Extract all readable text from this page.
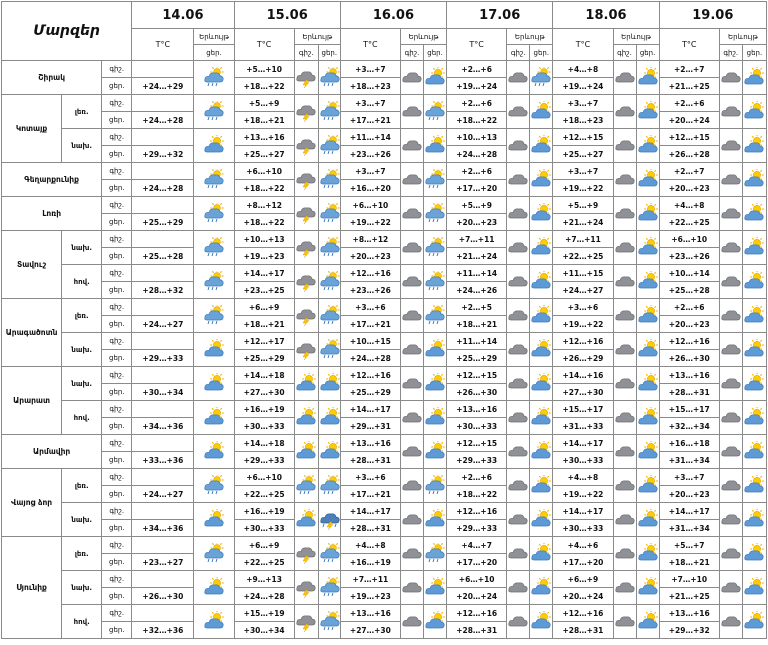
Մարզեր			14.06		15.06			16.06			17.06			18.06			19.06		
			T°C	Երևույթ	T°C	Երևույթ		T°C	Երևույթ		T°C	Երևույթ		T°C	Երևույթ		T°C	Երևույթ	
				ցեր.		գիշ.	ցեր.		գիշ.	ցեր.		գիշ.	ցեր.		գիշ.	ցեր.		գիշ.	ցեր.
Շիրակ		գիշ.			+5…+10			+3…+7			+2…+6			+4…+8			+2…+7	

		ցեր.	+24…+29		+18…+22			+18…+23			+19…+24			+19…+24			+21…+25		
Կոտայք	լեռ.	գիշ.			+5…+9			+3…+7			+2…+6			+3…+7			+2…+6	

		ցեր.	+24…+28		+18…+21			+17…+21			+18…+22			+18…+23			+20…+24		
	նախ.	գիշ.			+13…+16			+11…+14			+10…+13			+12…+15			+12…+15	

		ցեր.	+29…+32		+25…+27			+23…+26			+24…+28			+25…+27			+26…+28		
Գեղարքունիք		գիշ.			+6…+10			+3…+7			+2…+6			+3…+7			+2…+7	

		ցեր.	+24…+28		+18…+22			+16…+20			+17…+20			+19…+22			+20…+23		
Լոռի		գիշ.			+8…+12			+6…+10			+5…+9			+5…+9			+4…+8	

		ցեր.	+25…+29		+18…+22			+19…+22			+20…+23			+21…+24			+22…+25		
Տավուշ	նախ.	գիշ.			+10…+13			+8…+12			+7…+11			+7…+11			+6…+10	

		ցեր.	+25…+28		+19…+23			+20…+23			+21…+24			+22…+25			+23…+26		
	հով.	գիշ.			+14…+17			+12…+16			+11…+14			+11…+15			+10…+14	

		ցեր.	+28…+32		+23…+25			+23…+26			+24…+26			+24…+27			+25…+28		
Արագածոտն	լեռ.	գիշ.			+6…+9			+3…+6			+2…+5			+3…+6			+2…+6	

		ցեր.	+24…+27		+18…+21			+17…+21			+18…+21			+19…+22			+20…+23		
	նախ.	գիշ.			+12…+17			+10…+15			+11…+14			+12…+16			+12…+16	

		ցեր.	+29…+33		+25…+29			+24…+28			+25…+29			+26…+29			+26…+30		
Արարատ	նախ.	գիշ.			+14…+18			+12…+16			+12…+15			+14…+16			+13…+16	

		ցեր.	+30…+34		+27…+30			+25…+29			+26…+30			+27…+30			+28…+31		
	հով.	գիշ.			+16…+19			+14…+17			+13…+16			+15…+17			+15…+17	

		ցեր.	+34…+36		+30…+33			+29…+31			+30…+33			+31…+33			+32…+34		
Արմավիր		գիշ.			+14…+18			+13…+16			+12…+15			+14…+17			+16…+18	

		ցեր.	+33…+36		+29…+33			+28…+31			+29…+33			+30…+33			+31…+34		
Վայոց ձոր	լեռ.	գիշ.			+6…+10			+3…+6			+2…+6			+4…+8			+3…+7	

		ցեր.	+24…+27		+22…+25			+17…+21			+18…+22			+19…+22			+20…+23		
	նախ.	գիշ.			+16…+19			+14…+17			+12…+16			+14…+17			+14…+17	

		ցեր.	+34…+36		+30…+33			+28…+31			+29…+33			+30…+33			+31…+34		
Սյունիք	լեռ.	գիշ.			+6…+9			+4…+8			+4…+7			+4…+6			+5…+7	

		ցեր.	+23…+27		+22…+25			+16…+19			+17…+20			+17…+20			+18…+21		
	նախ.	գիշ.			+9…+13			+7…+11			+6…+10			+6…+9			+7…+10	

		ցեր.	+26…+30		+24…+28			+19…+23			+20…+24			+20…+24			+21…+25		
	հով.	գիշ.			+15…+19			+13…+16			+12…+16			+12…+16			+13…+16	

		ցեր.	+32…+36		+30…+34			+27…+30			+28…+31			+28…+31			+29…+32		
